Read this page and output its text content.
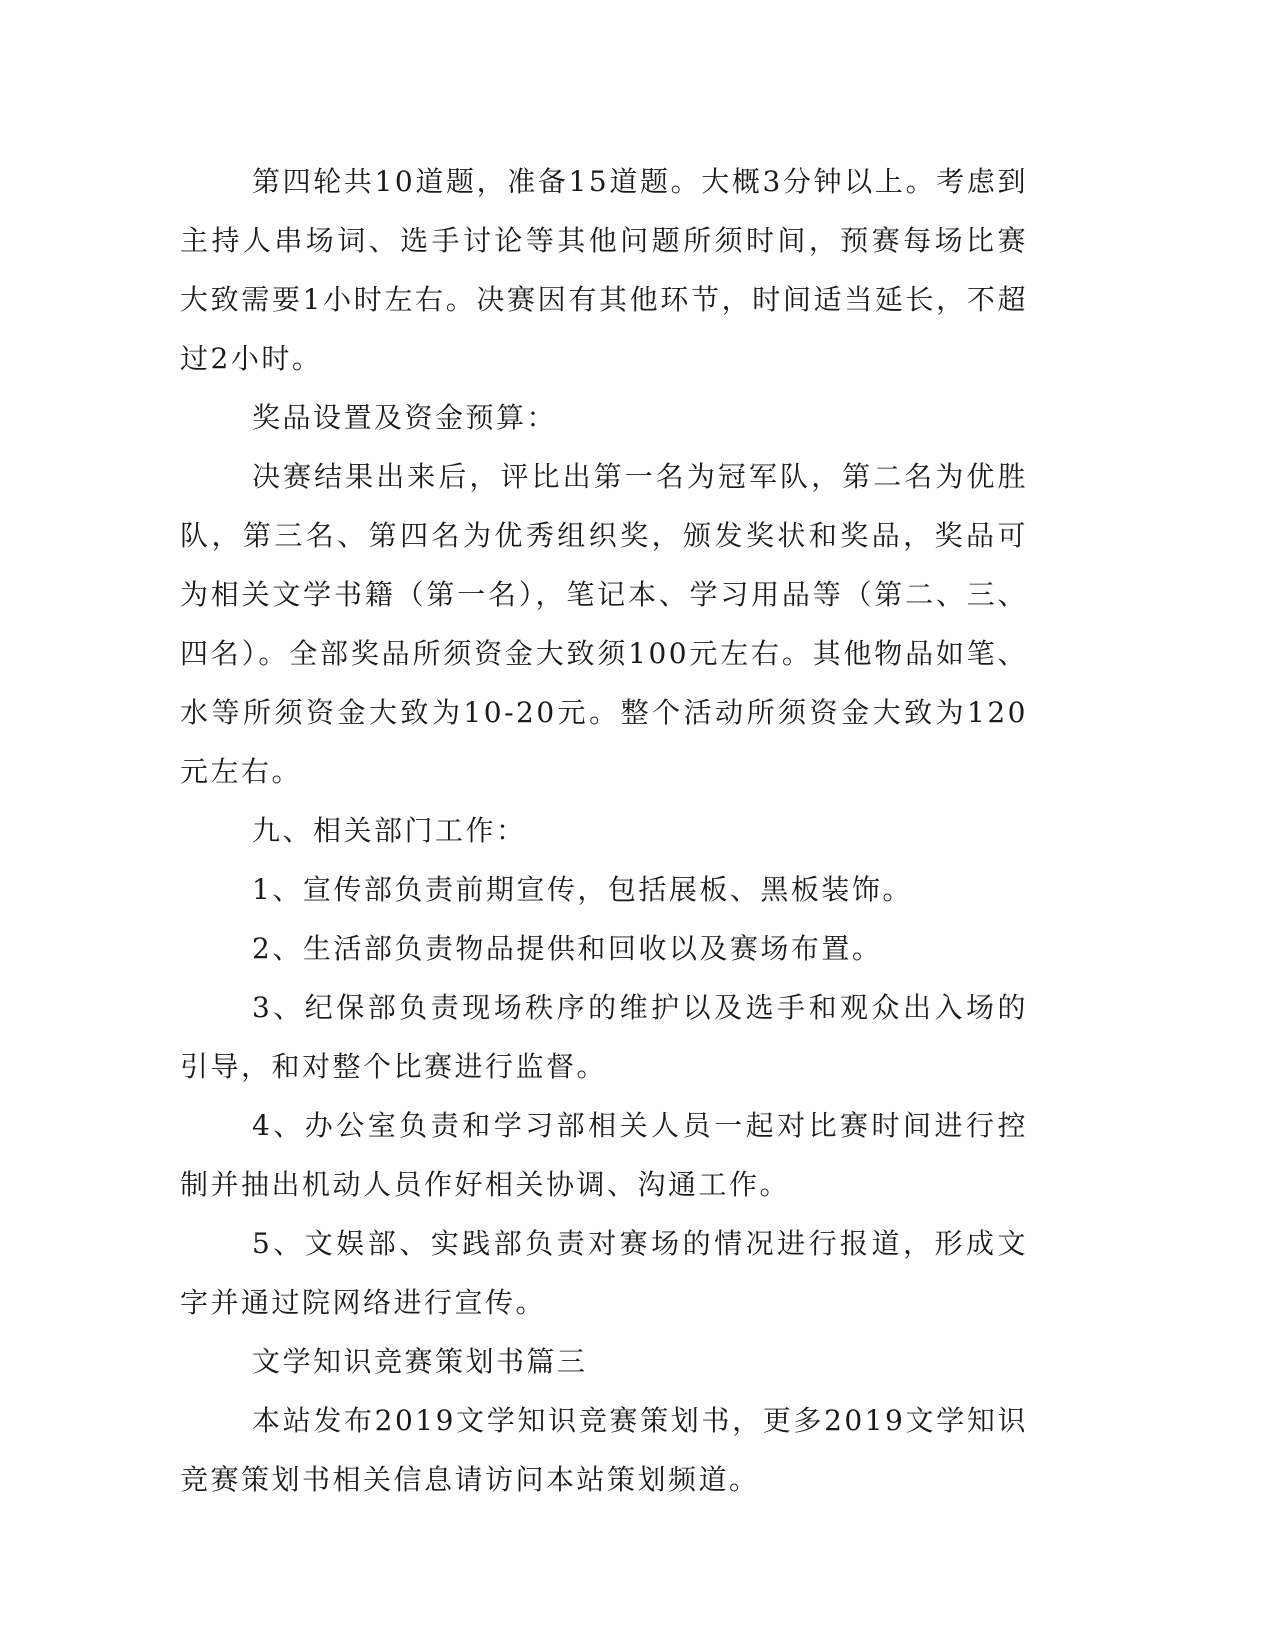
第四轮共10道题，准备15道题。大概3分钟以上。考虑到主持人串场词、选手讨论等其他问题所须时间，预赛每场比赛大致需要1小时左右。决赛因有其他环节，时间适当延长，不超过2小时。

奖品设置及资金预算：

决赛结果出来后，评比出第一名为冠军队，第二名为优胜队，第三名、第四名为优秀组织奖，颁发奖状和奖品，奖品可为相关文学书籍（第一名），笔记本、学习用品等（第二、三、四名）。全部奖品所须资金大致须100元左右。其他物品如笔、水等所须资金大致为10-20元。整个活动所须资金大致为120元左右。

九、相关部门工作：

1、宣传部负责前期宣传，包括展板、黑板装饰。

2、生活部负责物品提供和回收以及赛场布置。

3、纪保部负责现场秩序的维护以及选手和观众出入场的引导，和对整个比赛进行监督。

4、办公室负责和学习部相关人员一起对比赛时间进行控制并抽出机动人员作好相关协调、沟通工作。

5、文娱部、实践部负责对赛场的情况进行报道，形成文字并通过院网络进行宣传。

文学知识竞赛策划书篇三

本站发布2019文学知识竞赛策划书，更多2019文学知识竞赛策划书相关信息请访问本站策划频道。
